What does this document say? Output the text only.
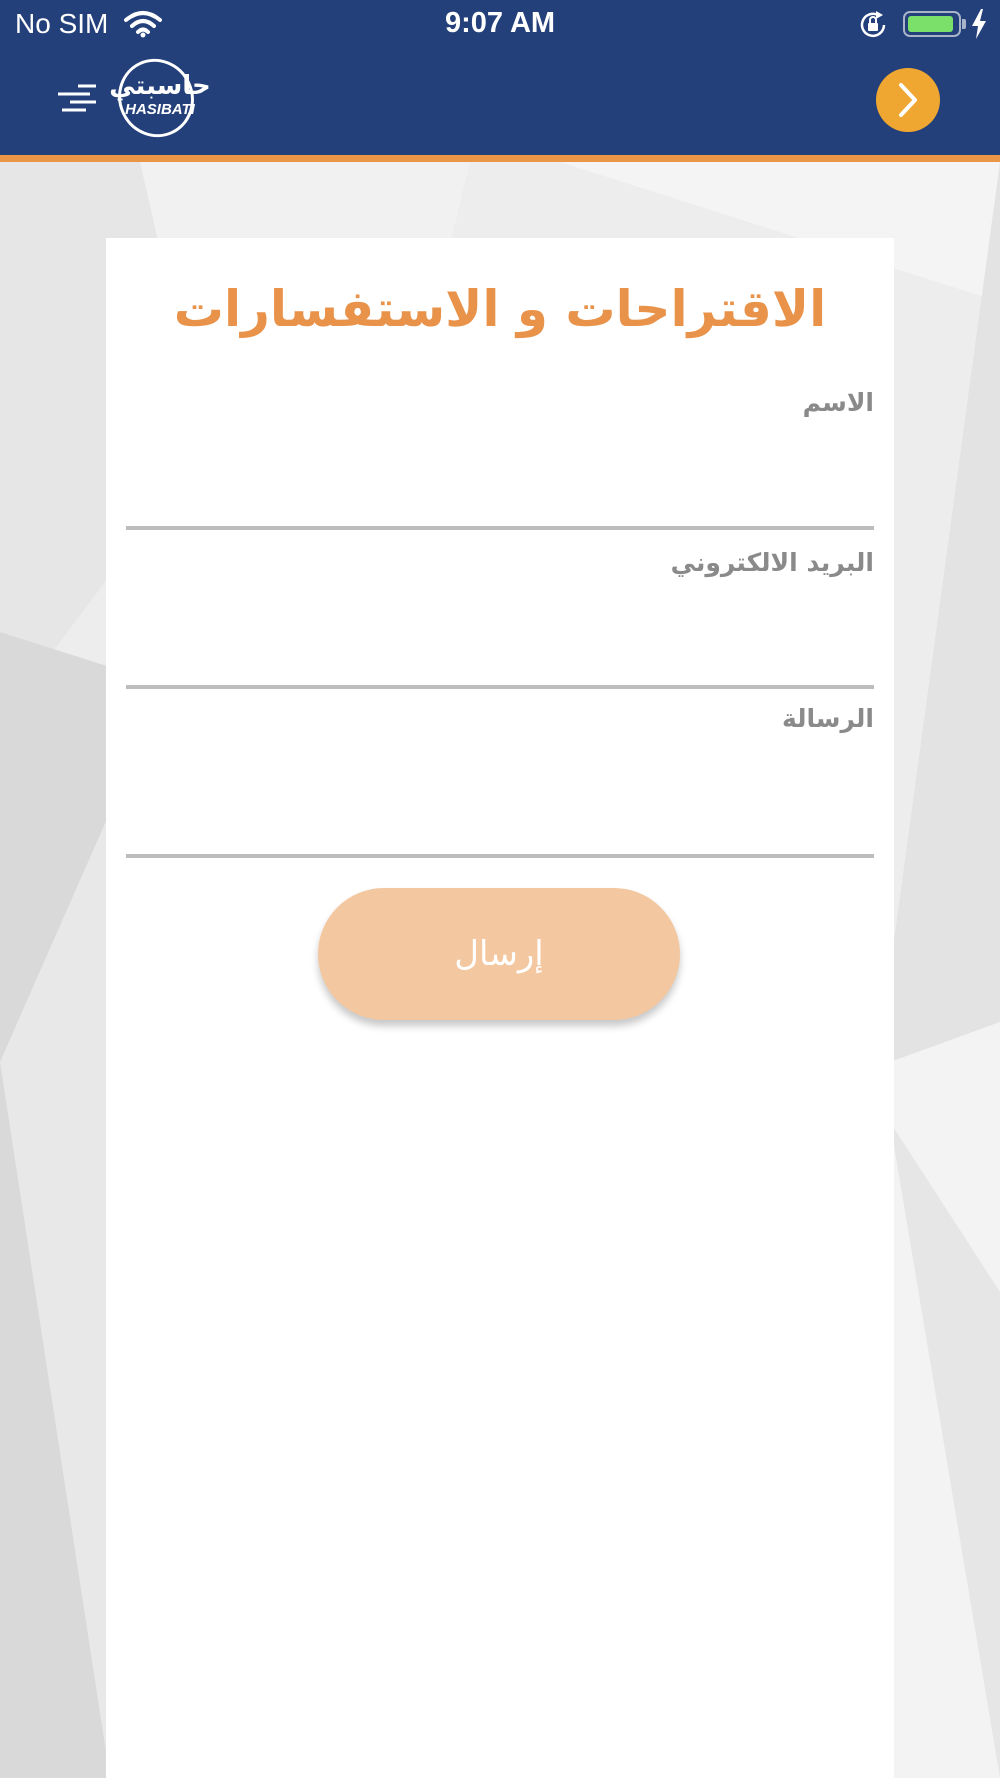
الاقتراحات و الاستفسارات
الاسم
البريد الالكتروني
الرسالة
إرسال
No SIM	9:07 AM
حاسبتي
HASIBATI
